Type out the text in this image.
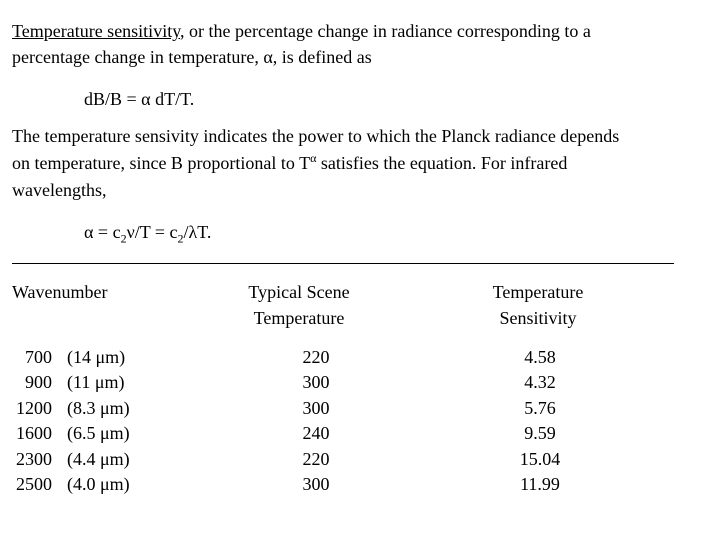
Temperature sensitivity, or the percentage change in radiance corresponding to a
percentage change in temperature, α, is defined as
dB/B = α dT/T.
The temperature sensivity indicates the power to which the Planck radiance depends
on temperature, since B proportional to $T^\alpha$ satisfies the equation. For infrared
wavelengths,
$\alpha = c_2\nu/T = c_2/\lambda T$.
Wavenumber	Typical Scene
Temperature
Temperature
Sensitivity
700
900
1200
1600
2300
2500
(14 μm)
(11 μm)
(8.3 μm)
(6.5 μm)
(4.4 μm)
(4.0 μm)
220
300
300
240
220
300
4.58
4.32
5.76
9.59
15.04
11.99
